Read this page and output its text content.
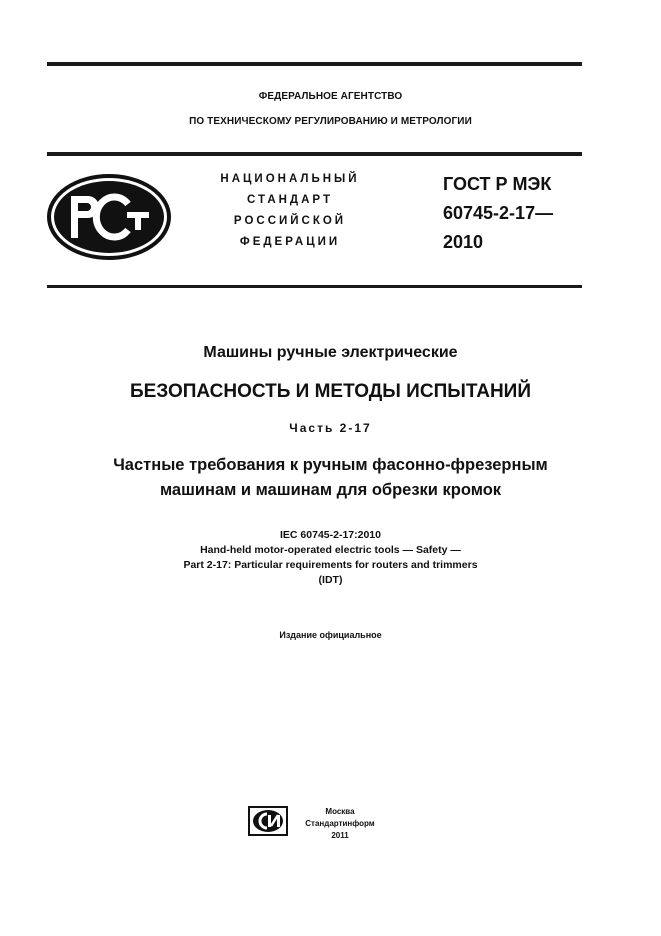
ФЕДЕРАЛЬНОЕ АГЕНТСТВО
ПО ТЕХНИЧЕСКОМУ РЕГУЛИРОВАНИЮ И МЕТРОЛОГИИ
НАЦИОНАЛЬНЫЙ
СТАНДАРТ
РОССИЙСКОЙ
ФЕДЕРАЦИИ
ГОСТ Р МЭК
60745-2-17—
2010
Машины ручные электрические
БЕЗОПАСНОСТЬ И МЕТОДЫ ИСПЫТАНИЙ
Часть 2-17
Частные требования к ручным фасонно-фрезерным
машинам и машинам для обрезки кромок
IEC 60745-2-17:2010
Hand-held motor-operated electric tools — Safety —
Part 2-17: Particular requirements for routers and trimmers
(IDT)
Издание официальное
Москва
Стандартинформ
2011
